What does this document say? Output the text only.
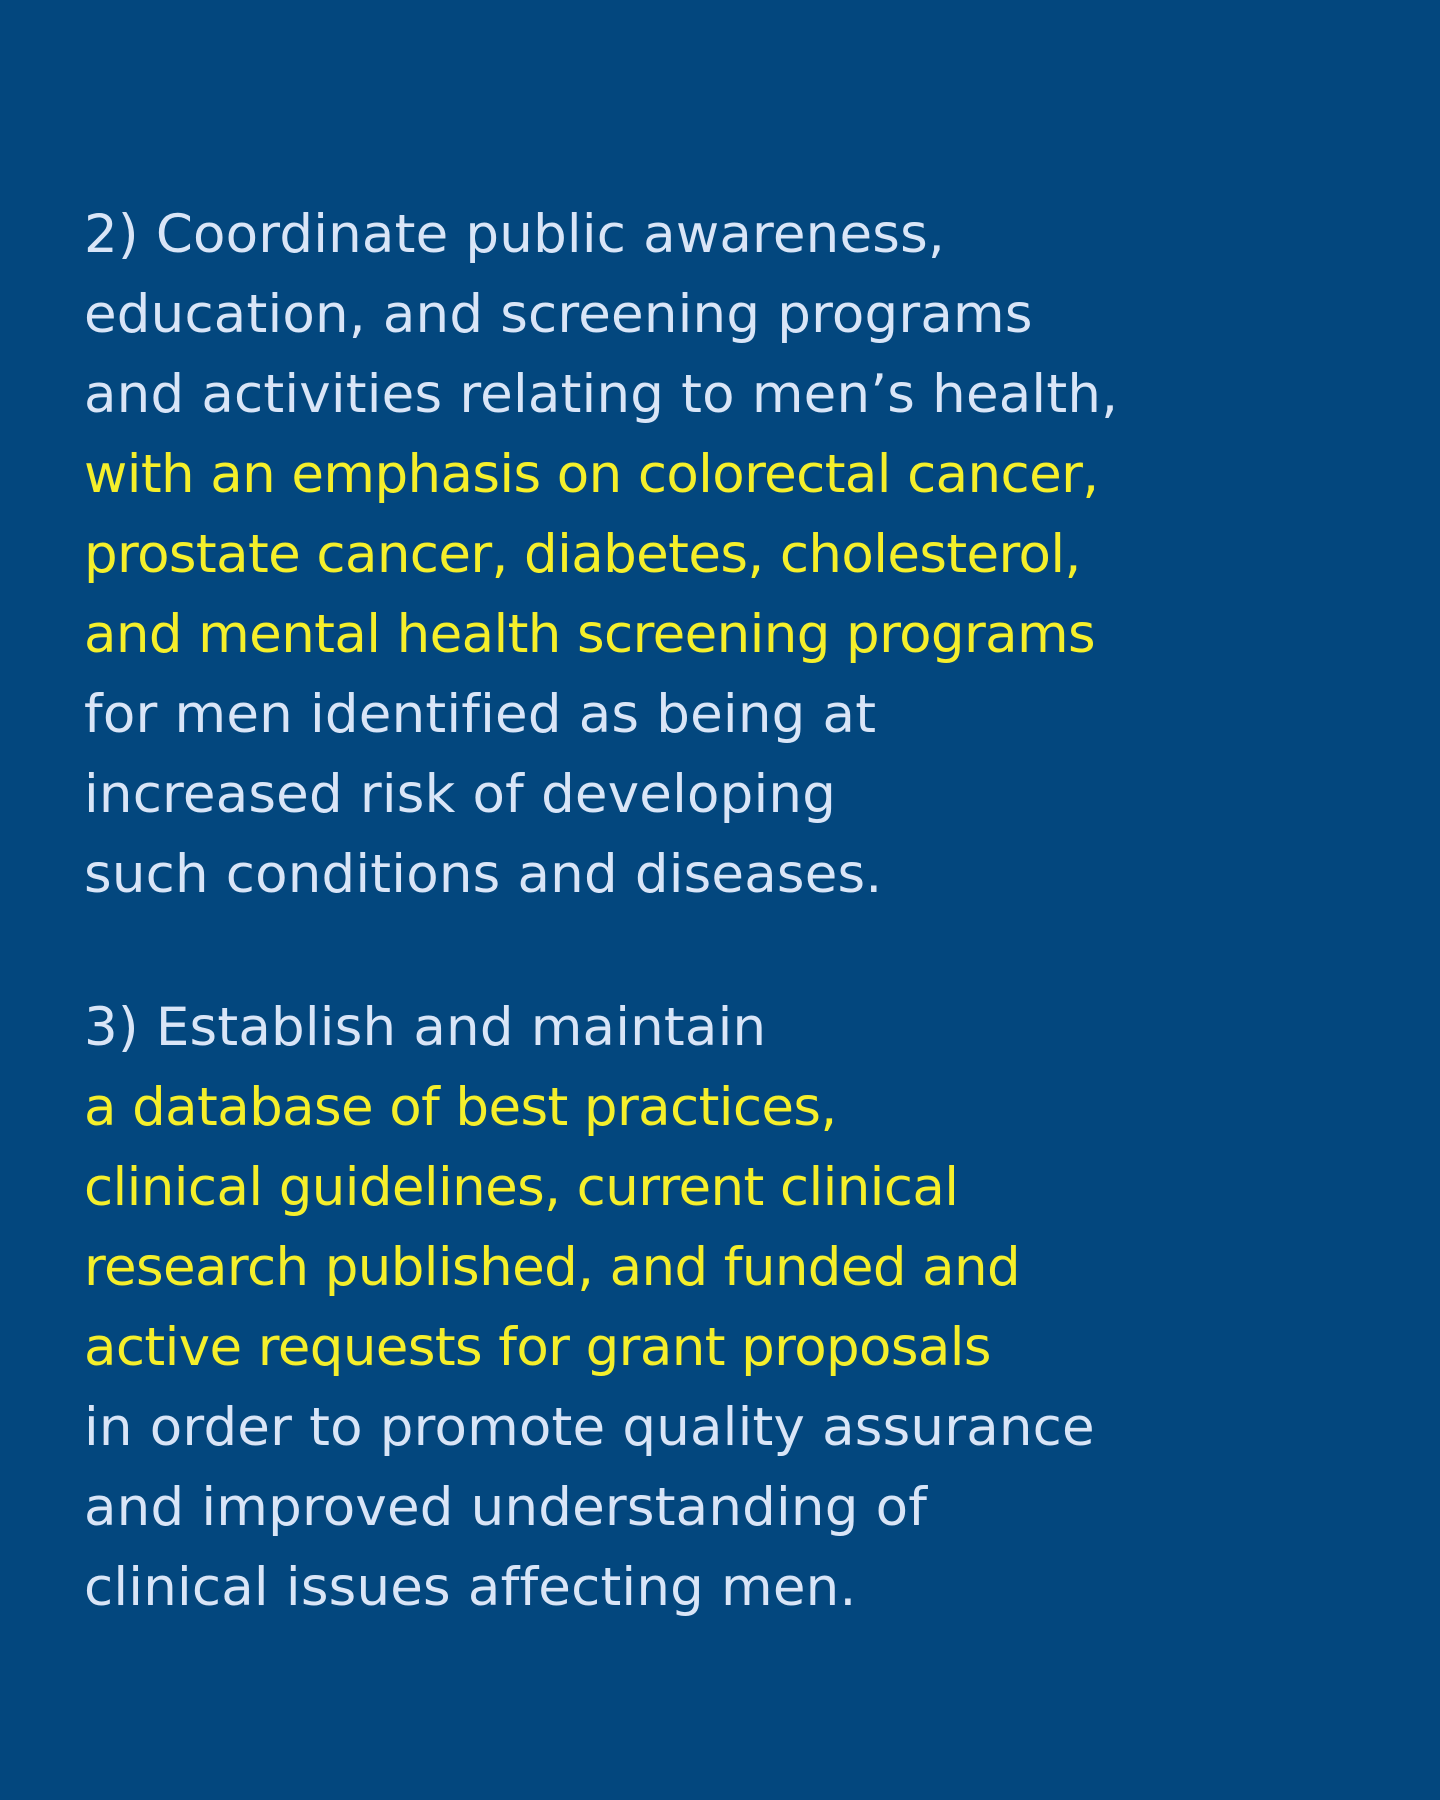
2) Coordinate public awareness,
education, and screening programs
and activities relating to men’s health,
with an emphasis on colorectal cancer,
prostate cancer, diabetes, cholesterol,
and mental health screening programs
for men identified as being at
increased risk of developing
such conditions and diseases.

3) Establish and maintain
a database of best practices,
clinical guidelines, current clinical
research published, and funded and
active requests for grant proposals
in order to promote quality assurance
and improved understanding of
clinical issues affecting men.
